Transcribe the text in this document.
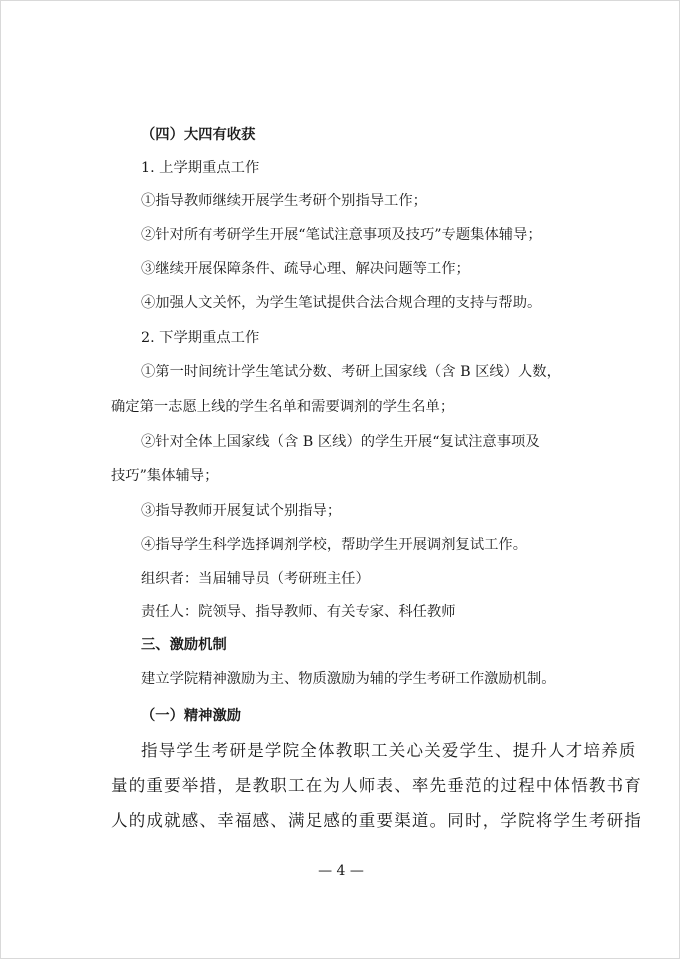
（四）大四有收获
1. 上学期重点工作
①指导教师继续开展学生考研个别指导工作；
②针对所有考研学生开展“笔试注意事项及技巧”专题集体辅导；
③继续开展保障条件、疏导心理、解决问题等工作；
④加强人文关怀，为学生笔试提供合法合规合理的支持与帮助。
2. 下学期重点工作
①第一时间统计学生笔试分数、考研上国家线（含 B 区线）人数，
确定第一志愿上线的学生名单和需要调剂的学生名单；
②针对全体上国家线（含 B 区线）的学生开展“复试注意事项及
技巧”集体辅导；
③指导教师开展复试个别指导；
④指导学生科学选择调剂学校，帮助学生开展调剂复试工作。
组织者：当届辅导员（考研班主任）
责任人：院领导、指导教师、有关专家、科任教师
三、激励机制
建立学院精神激励为主、物质激励为辅的学生考研工作激励机制。
（一）精神激励
指导学生考研是学院全体教职工关心关爱学生、提升人才培养质
量的重要举措，是教职工在为人师表、率先垂范的过程中体悟教书育
人的成就感、幸福感、满足感的重要渠道。同时，学院将学生考研指
— 4 —
